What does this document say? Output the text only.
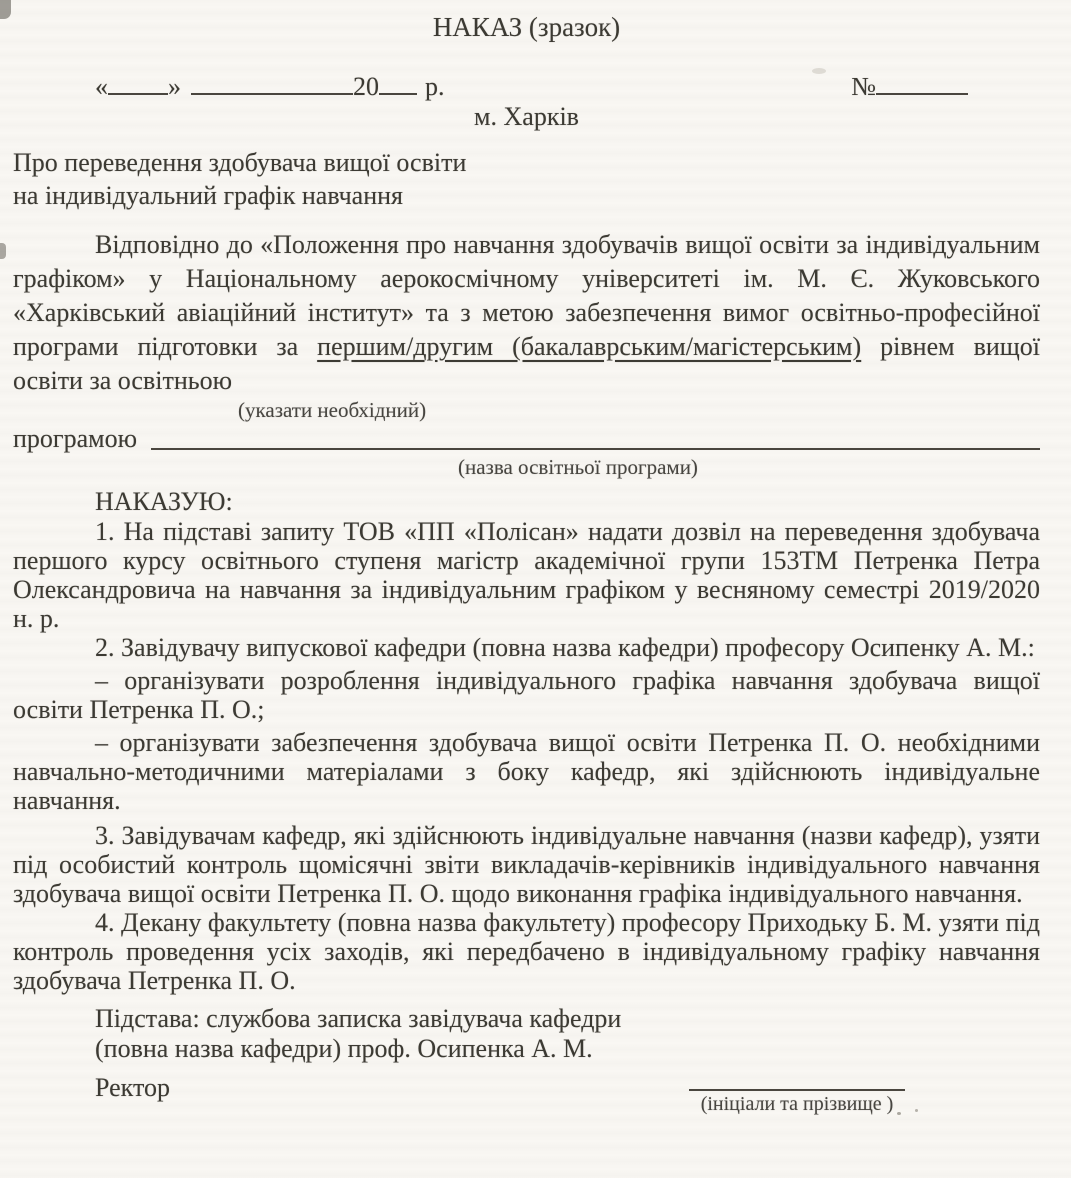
НАКАЗ (зразок)
« »	20 р.	№
м. Харків
Про переведення здобувача вищої освіти
на індивідуальний графік навчання

Відповідно до «Положення про навчання здобувачів вищої освіти за індивідуальним графіком» у Національному аерокосмічному університеті ім. М. Є. Жуковського «Харківський авіаційний інститут» та з метою забезпечення вимог освітньо-професійної програми підготовки за першим/другим (бакалаврським/магістерським) рівнем вищої освіти за освітньою

(указати необхідний)
програмою
(назва освітньої програми)

НАКАЗУЮ:

1. На підставі запиту ТОВ «ПП «Полісан» надати дозвіл на переведення здобувача першого курсу освітнього ступеня магістр академічної групи 153ТМ Петренка Петра Олександровича на навчання за індивідуальним графіком у весняному семестрі 2019/2020 н. р.

2. Завідувачу випускової кафедри (повна назва кафедри) професору Осипенку А. М.:

– організувати розроблення індивідуального графіка навчання здобувача вищої освіти Петренка П. О.;

– організувати забезпечення здобувача вищої освіти Петренка П. О. необхідними навчально-методичними матеріалами з боку кафедр, які здійснюють індивідуальне навчання.

3. Завідувачам кафедр, які здійснюють індивідуальне навчання (назви кафедр), узяти під особистий контроль щомісячні звіти викладачів-керівників індивідуального навчання здобувача вищої освіти Петренка П. О. щодо виконання графіка індивідуального навчання.

4. Декану факультету (повна назва факультету) професору Приходьку Б. М. узяти під контроль проведення усіх заходів, які передбачено в індивідуальному графіку навчання здобувача Петренка П. О.

Підстава: службова записка завідувача кафедри
(повна назва кафедри) проф. Осипенка А. М.
Ректор
(ініціали та прізвище )
